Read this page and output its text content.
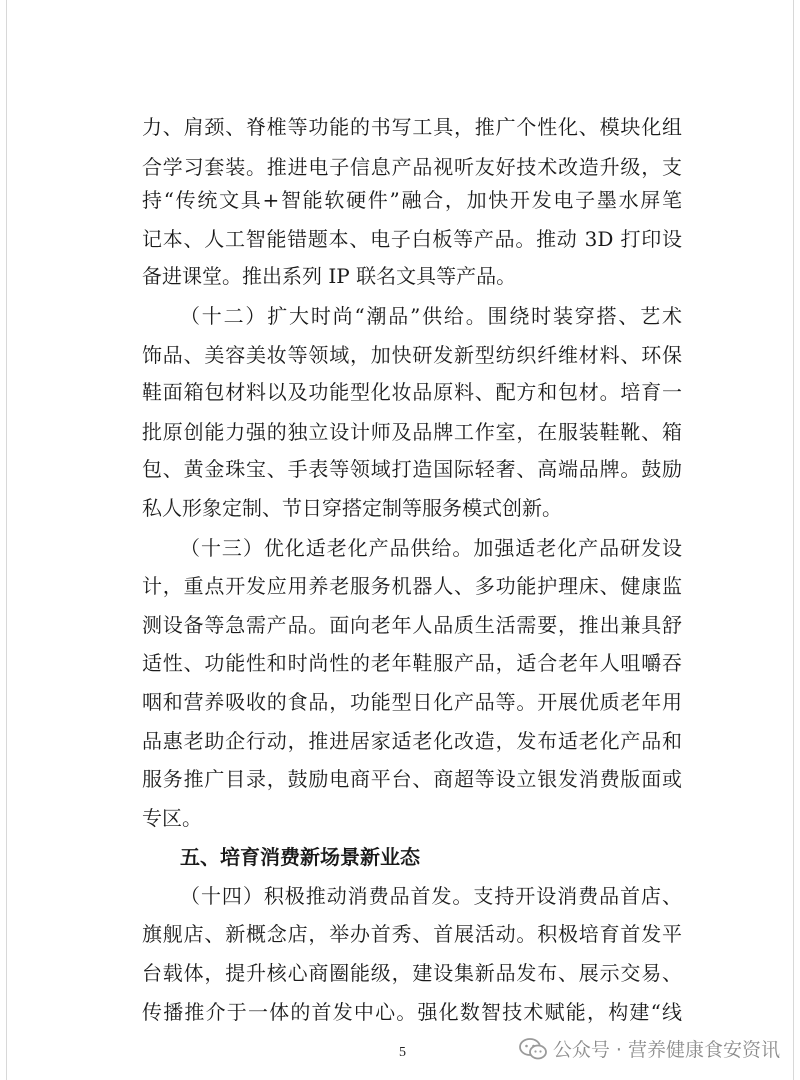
力、肩颈、脊椎等功能的书写工具，推广个性化、模块化组
合学习套装。推进电子信息产品视听友好技术改造升级，支
持“传统文具+智能软硬件”融合，加快开发电子墨水屏笔
记本、人工智能错题本、电子白板等产品。推动 3D 打印设
备进课堂。推出系列 IP 联名文具等产品。
（十二）扩大时尚“潮品”供给。围绕时装穿搭、艺术
饰品、美容美妆等领域，加快研发新型纺织纤维材料、环保
鞋面箱包材料以及功能型化妆品原料、配方和包材。培育一
批原创能力强的独立设计师及品牌工作室，在服装鞋靴、箱
包、黄金珠宝、手表等领域打造国际轻奢、高端品牌。鼓励
私人形象定制、节日穿搭定制等服务模式创新。
（十三）优化适老化产品供给。加强适老化产品研发设
计，重点开发应用养老服务机器人、多功能护理床、健康监
测设备等急需产品。面向老年人品质生活需要，推出兼具舒
适性、功能性和时尚性的老年鞋服产品，适合老年人咀嚼吞
咽和营养吸收的食品，功能型日化产品等。开展优质老年用
品惠老助企行动，推进居家适老化改造，发布适老化产品和
服务推广目录，鼓励电商平台、商超等设立银发消费版面或
专区。
五、培育消费新场景新业态
（十四）积极推动消费品首发。支持开设消费品首店、
旗舰店、新概念店，举办首秀、首展活动。积极培育首发平
台载体，提升核心商圈能级，建设集新品发布、展示交易、
传播推介于一体的首发中心。强化数智技术赋能，构建“线
5	公众号 · 营养健康食安资讯
